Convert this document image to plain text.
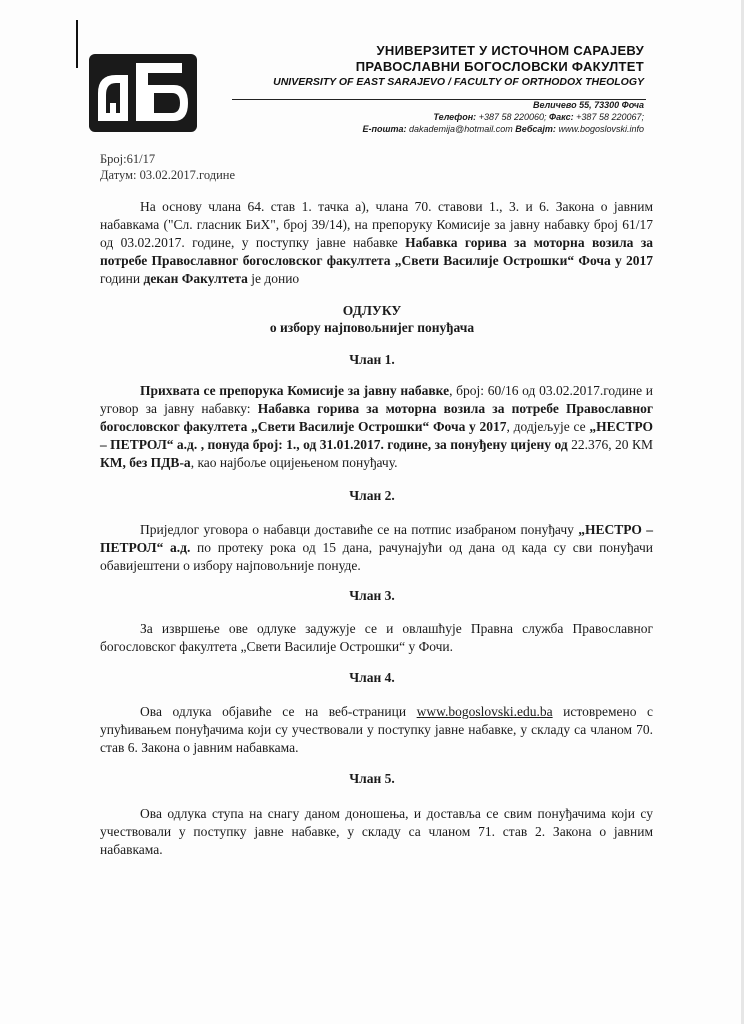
УНИВЕРЗИТЕТ У ИСТОЧНОМ САРАЈЕВУ
ПРАВОСЛАВНИ БОГОСЛОВСКИ ФАКУЛТЕТ
UNIVERSITY OF EAST SARAJEVO / FACULTY OF ORTHODOX THEOLOGY
Величево 55, 73300 Фоча
Телефон: +387 58 220060; Факс: +387 58 220067;
Е-пошта: dakademija@hotmail.com Вебсајт: www.bogoslovski.info
Број:61/17
Датум: 03.02.2017.године

На основу члана 64. став 1. тачка а), члана 70. ставови 1., 3. и 6. Закона о јавним набавкама ("Сл. гласник БиХ", број 39/14), на препоруку Комисије за јавну набавку број 61/17 од 03.02.2017. године, у поступку јавне набавке Набавка горива за моторна возила за потребе Православног богословског факултета „Свети Василије Острошки“ Фоча у 2017 години декан Факултета је донио

ОДЛУКУ
о избору најповољнијег понуђача
Члан 1.

Прихвата се препорука Комисије за јавну набавке, број: 60/16 од 03.02.2017.године и уговор за јавну набавку: Набавка горива за моторна возила за потребе Православног богословског факултета „Свети Василије Острошки“ Фоча у 2017, додјељује се „НЕСТРО – ПЕТРОЛ“ а.д. , понуда број: 1., од 31.01.2017. године, за понуђену цијену од 22.376, 20 КМ КМ, без ПДВ-а, као најбоље оцијењеном понуђачу.

Члан 2.

Приједлог уговора о набавци доставиће се на потпис изабраном понуђачу „НЕСТРО – ПЕТРОЛ“ а.д. по протеку рока од 15 дана, рачунајући од дана од када су сви понуђачи обавијештени о избору најповољније понуде.

Члан 3.

За извршење ове одлуке задужује се и овлашћује Правна служба Православног богословског факултета „Свети Василије Острошки“ у Фочи.

Члан 4.

Ова одлука објавиће се на веб-страници www.bogoslovski.edu.ba истовремено с упућивањем понуђачима који су учествовали у поступку јавне набавке, у складу са чланом 70. став 6. Закона о јавним набавкама.

Члан 5.

Ова одлука ступа на снагу даном доношења, и доставља се свим понуђачима који су учествовали у поступку јавне набавке, у складу са чланом 71. став 2. Закона о јавним набавкама.
